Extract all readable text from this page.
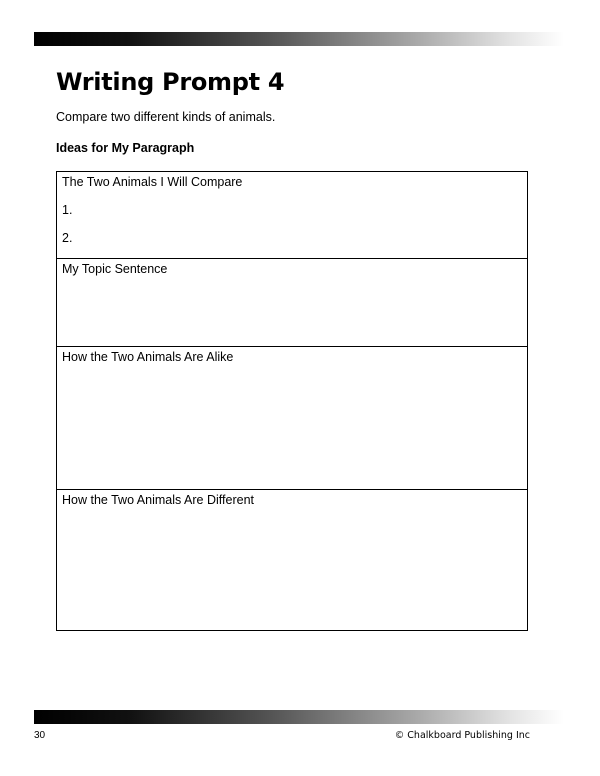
Writing Prompt 4
Compare two different kinds of animals.
Ideas for My Paragraph
The Two Animals I Will Compare
1.
2.
My Topic Sentence
How the Two Animals Are Alike
How the Two Animals Are Different
30	© Chalkboard Publishing Inc
